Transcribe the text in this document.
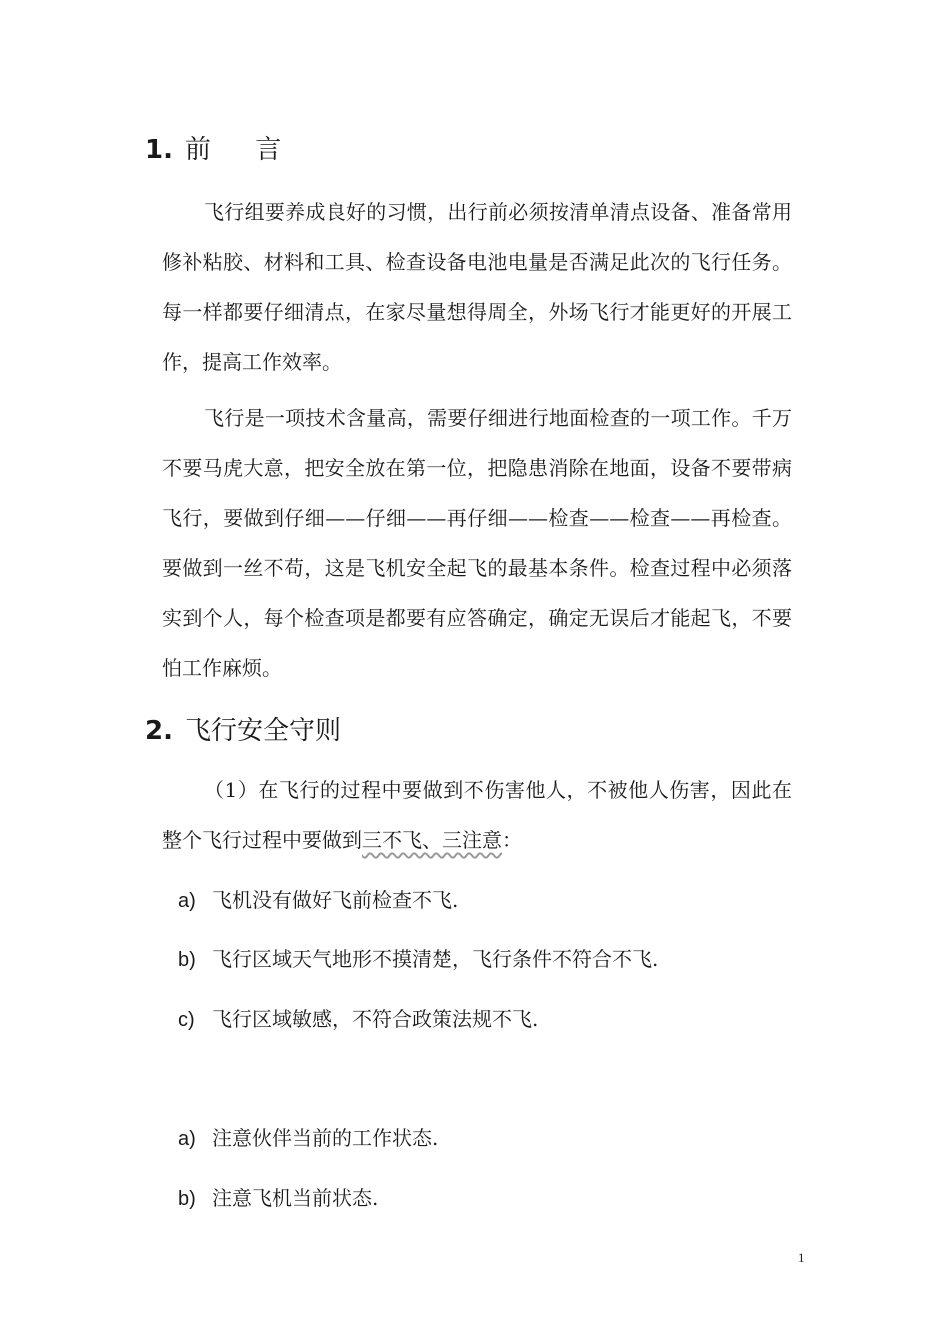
1. 前 言

飞行组要养成良好的习惯，出行前必须按清单清点设备、准备常用修补粘胶、材料和工具、检查设备电池电量是否满足此次的飞行任务。每一样都要仔细清点，在家尽量想得周全，外场飞行才能更好的开展工作，提高工作效率。

飞行是一项技术含量高，需要仔细进行地面检查的一项工作。千万不要马虎大意，把安全放在第一位，把隐患消除在地面，设备不要带病飞行，要做到仔细——仔细——再仔细——检查——检查——再检查。要做到一丝不苟，这是飞机安全起飞的最基本条件。检查过程中必须落实到个人，每个检查项是都要有应答确定，确定无误后才能起飞，不要怕工作麻烦。

2. 飞行安全守则

（1）在飞行的过程中要做到不伤害他人，不被他人伤害，因此在整个飞行过程中要做到三不飞、三注意：

a) 飞机没有做好飞前检查不飞.
b) 飞行区域天气地形不摸清楚，飞行条件不符合不飞.
c) 飞行区域敏感，不符合政策法规不飞.
a) 注意伙伴当前的工作状态.
b) 注意飞机当前状态.
1
